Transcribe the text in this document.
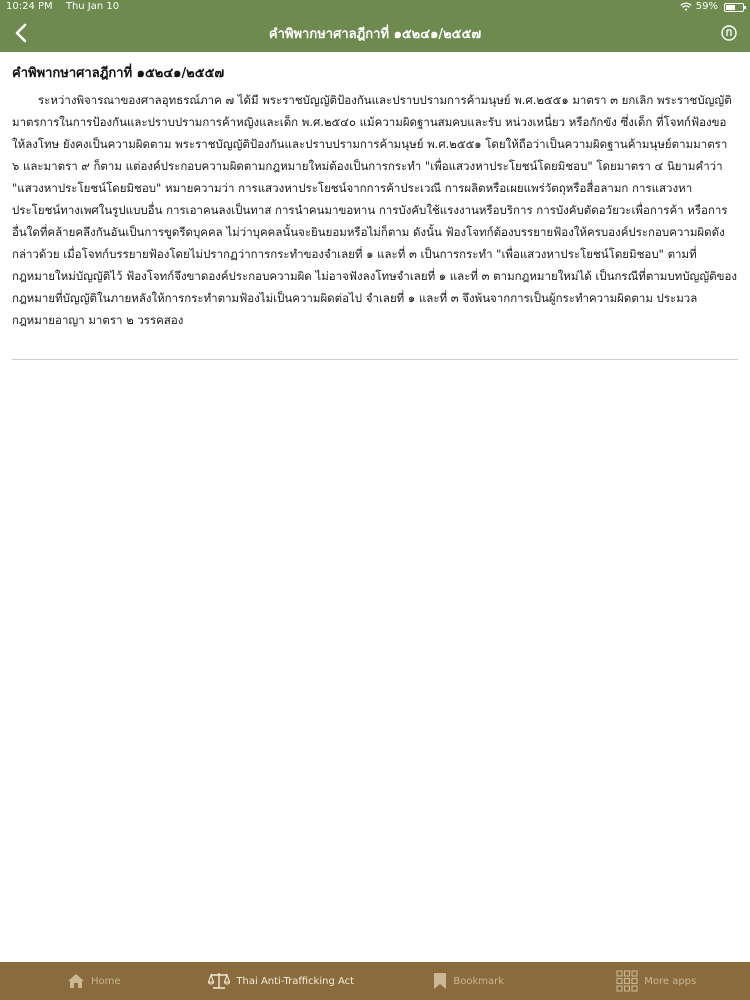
10:24 PM Thu Jan 10	59%
คำพิพากษาศาลฎีกาที่ ๑๕๒๔๑/๒๕๕๗
คำพิพากษาศาลฎีกาที่ ๑๕๒๔๑/๒๕๕๗

ระหว่างพิจารณาของศาลอุทธรณ์ภาค ๗ ได้มี พระราชบัญญัติป้องกันและปราบปรามการค้ามนุษย์ พ.ศ.๒๕๕๑ มาตรา ๓ ยกเลิก พระราชบัญญัติมาตรการในการป้องกันและปราบปรามการค้าหญิงและเด็ก พ.ศ.๒๕๔๐ แม้ความผิดฐานสมคบและรับ หน่วงเหนี่ยว หรือกักขัง ซึ่งเด็ก ที่โจทก์ฟ้องขอให้ลงโทษ ยังคงเป็นความผิดตาม พระราชบัญญัติป้องกันและปราบปรามการค้ามนุษย์ พ.ศ.๒๕๕๑ โดยให้ถือว่าเป็นความผิดฐานค้ามนุษย์ตามมาตรา ๖ และมาตรา ๙ ก็ตาม แต่องค์ประกอบความผิดตามกฎหมายใหม่ต้องเป็นการกระทำ "เพื่อแสวงหาประโยชน์โดยมิชอบ" โดยมาตรา ๔ นิยามคำว่า "แสวงหาประโยชน์โดยมิชอบ" หมายความว่า การแสวงหาประโยชน์จากการค้าประเวณี การผลิตหรือเผยแพร่วัตถุหรือสื่อลามก การแสวงหาประโยชน์ทางเพศในรูปแบบอื่น การเอาคนลงเป็นทาส การนำคนมาขอทาน การบังคับใช้แรงงานหรือบริการ การบังคับตัดอวัยวะเพื่อการค้า หรือการอื่นใดที่คล้ายคลึงกันอันเป็นการขูดรีดบุคคล ไม่ว่าบุคคลนั้นจะยินยอมหรือไม่ก็ตาม ดังนั้น ฟ้องโจทก์ต้องบรรยายฟ้องให้ครบองค์ประกอบความผิดดังกล่าวด้วย เมื่อโจทก์บรรยายฟ้องโดยไม่ปรากฏว่าการกระทำของจำเลยที่ ๑ และที่ ๓ เป็นการกระทำ "เพื่อแสวงหาประโยชน์โดยมิชอบ" ตามที่กฎหมายใหม่บัญญัติไว้ ฟ้องโจทก์จึงขาดองค์ประกอบความผิด ไม่อาจฟังลงโทษจำเลยที่ ๑ และที่ ๓ ตามกฎหมายใหม่ได้ เป็นกรณีที่ตามบทบัญญัติของกฎหมายที่บัญญัติในภายหลังให้การกระทำตามฟ้องไม่เป็นความผิดต่อไป จำเลยที่ ๑ และที่ ๓ จึงพ้นจากการเป็นผู้กระทำความผิดตาม ประมวลกฎหมายอาญา มาตรา ๒ วรรคสอง

Home	Thai Anti-Trafficking Act	Bookmark	More apps
